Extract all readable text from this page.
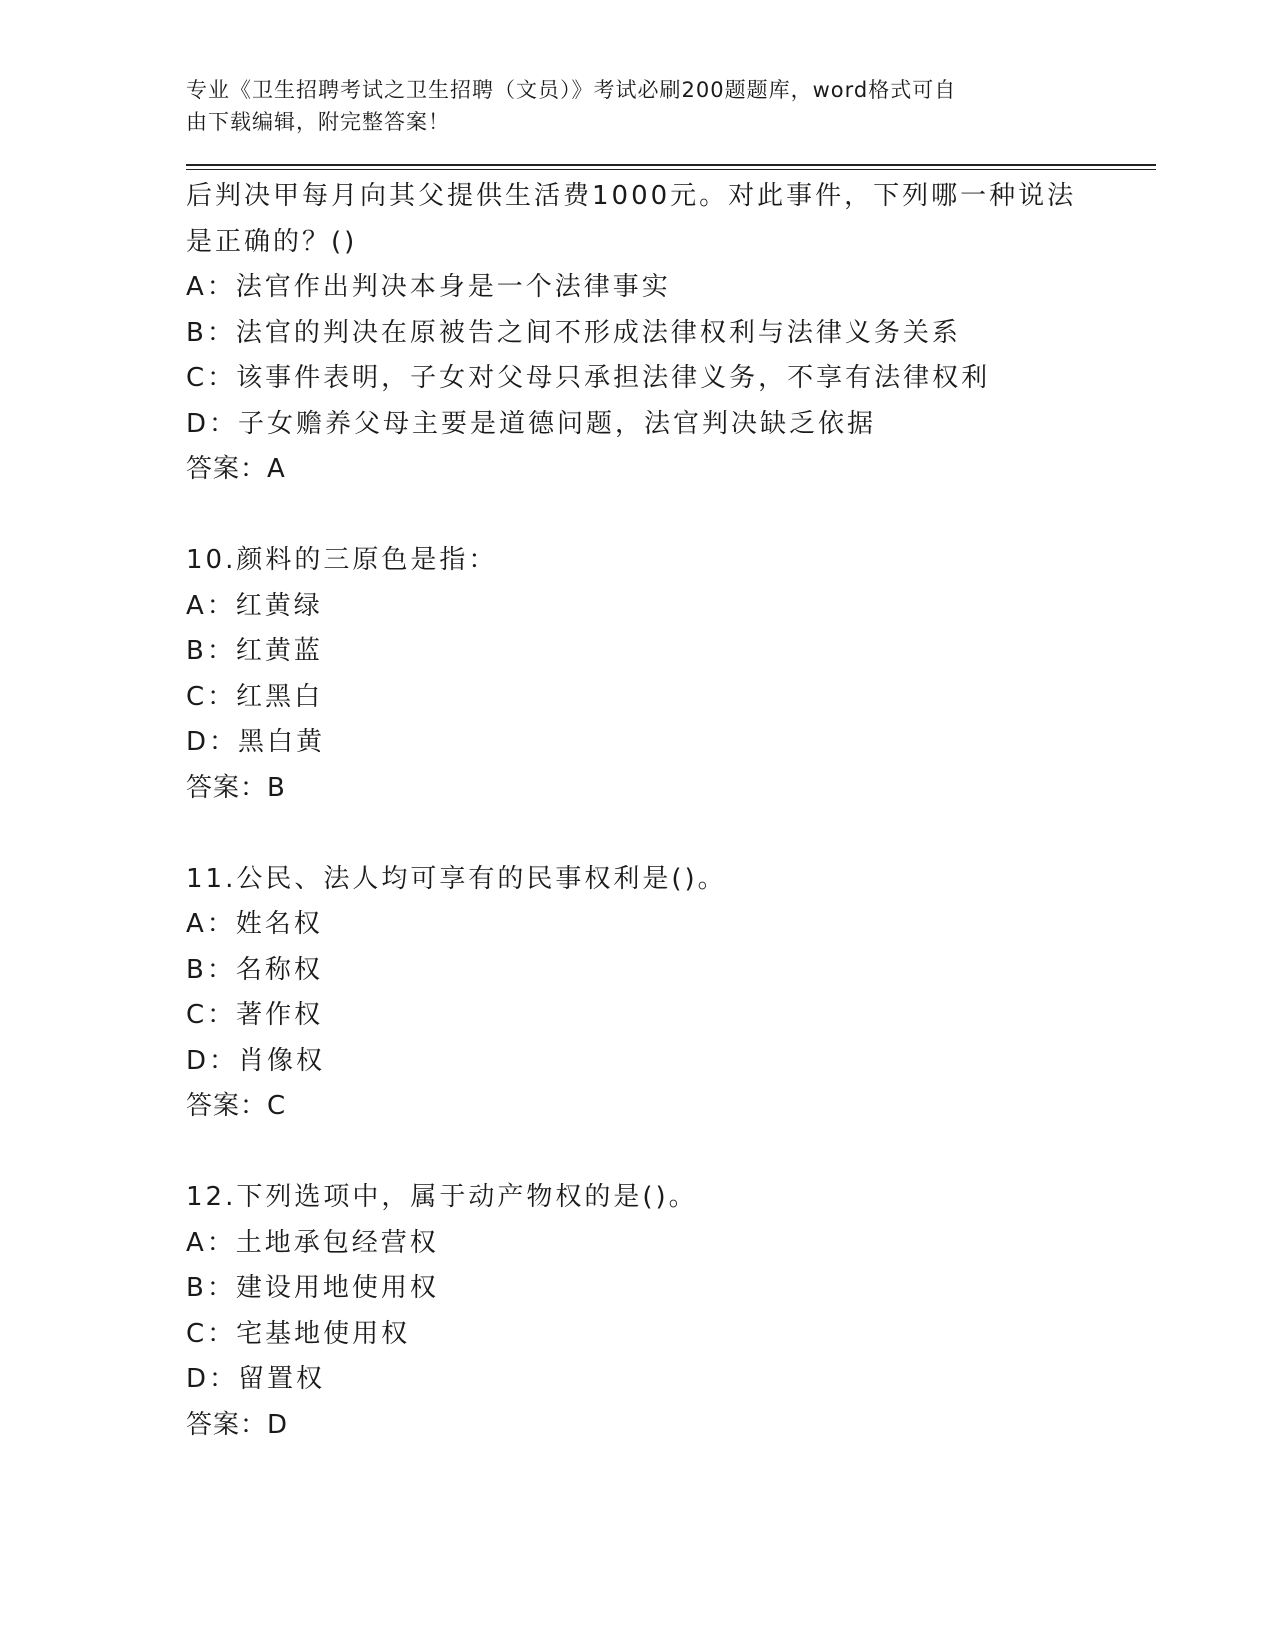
专业《卫生招聘考试之卫生招聘（文员）》考试必刷200题题库，word格式可自
由下载编辑，附完整答案！
后判决甲每月向其父提供生活费1000元。对此事件，下列哪一种说法
是正确的？()
A：法官作出判决本身是一个法律事实
B：法官的判决在原被告之间不形成法律权利与法律义务关系
C：该事件表明，子女对父母只承担法律义务，不享有法律权利
D：子女赡养父母主要是道德问题，法官判决缺乏依据
答案：A
10.颜料的三原色是指：
A：红黄绿
B：红黄蓝
C：红黑白
D：黑白黄
答案：B
11.公民、法人均可享有的民事权利是()。
A：姓名权
B：名称权
C：著作权
D：肖像权
答案：C
12.下列选项中，属于动产物权的是()。
A：土地承包经营权
B：建设用地使用权
C：宅基地使用权
D：留置权
答案：D
